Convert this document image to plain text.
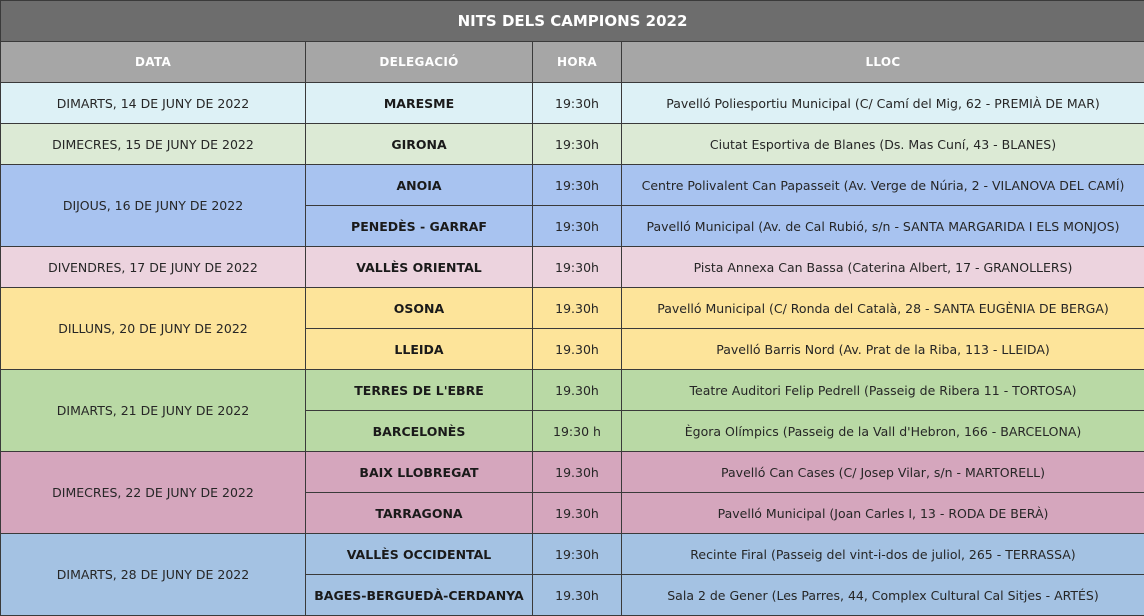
NITS DELS CAMPIONS 2022			
DATA	DELEGACIÓ	HORA	LLOC
DIMARTS, 14 DE JUNY DE 2022	MARESME	19:30h	Pavelló Poliesportiu Municipal (C/ Camí del Mig, 62 - PREMIÀ DE MAR)
DIMECRES, 15 DE JUNY DE 2022	GIRONA	19:30h	Ciutat Esportiva de Blanes (Ds. Mas Cuní, 43 - BLANES)
DIJOUS, 16 DE JUNY DE 2022	ANOIA	19:30h	Centre Polivalent Can Papasseit (Av. Verge de Núria, 2 - VILANOVA DEL CAMÍ)
	PENEDÈS - GARRAF	19:30h	Pavelló Municipal (Av. de Cal Rubió, s/n - SANTA MARGARIDA I ELS MONJOS)
DIVENDRES, 17 DE JUNY DE 2022	VALLÈS ORIENTAL	19:30h	Pista Annexa Can Bassa (Caterina Albert, 17 - GRANOLLERS)
DILLUNS, 20 DE JUNY DE 2022	OSONA	19.30h	Pavelló Municipal (C/ Ronda del Català, 28 - SANTA EUGÈNIA DE BERGA)
	LLEIDA	19.30h	Pavelló Barris Nord (Av. Prat de la Riba, 113 - LLEIDA)
DIMARTS, 21 DE JUNY DE 2022	TERRES DE L'EBRE	19.30h	Teatre Auditori Felip Pedrell (Passeig de Ribera 11 - TORTOSA)
	BARCELONÈS	19:30 h	Ègora Olímpics (Passeig de la Vall d'Hebron, 166 - BARCELONA)
DIMECRES, 22 DE JUNY DE 2022	BAIX LLOBREGAT	19.30h	Pavelló Can Cases (C/ Josep Vilar, s/n - MARTORELL)
	TARRAGONA	19.30h	Pavelló Municipal (Joan Carles I, 13 - RODA DE BERÀ)
DIMARTS, 28 DE JUNY DE 2022	VALLÈS OCCIDENTAL	19:30h	Recinte Firal (Passeig del vint-i-dos de juliol, 265 - TERRASSA)
	BAGES-BERGUEDÀ-CERDANYA	19.30h	Sala 2 de Gener (Les Parres, 44, Complex Cultural Cal Sitjes - ARTÉS)
